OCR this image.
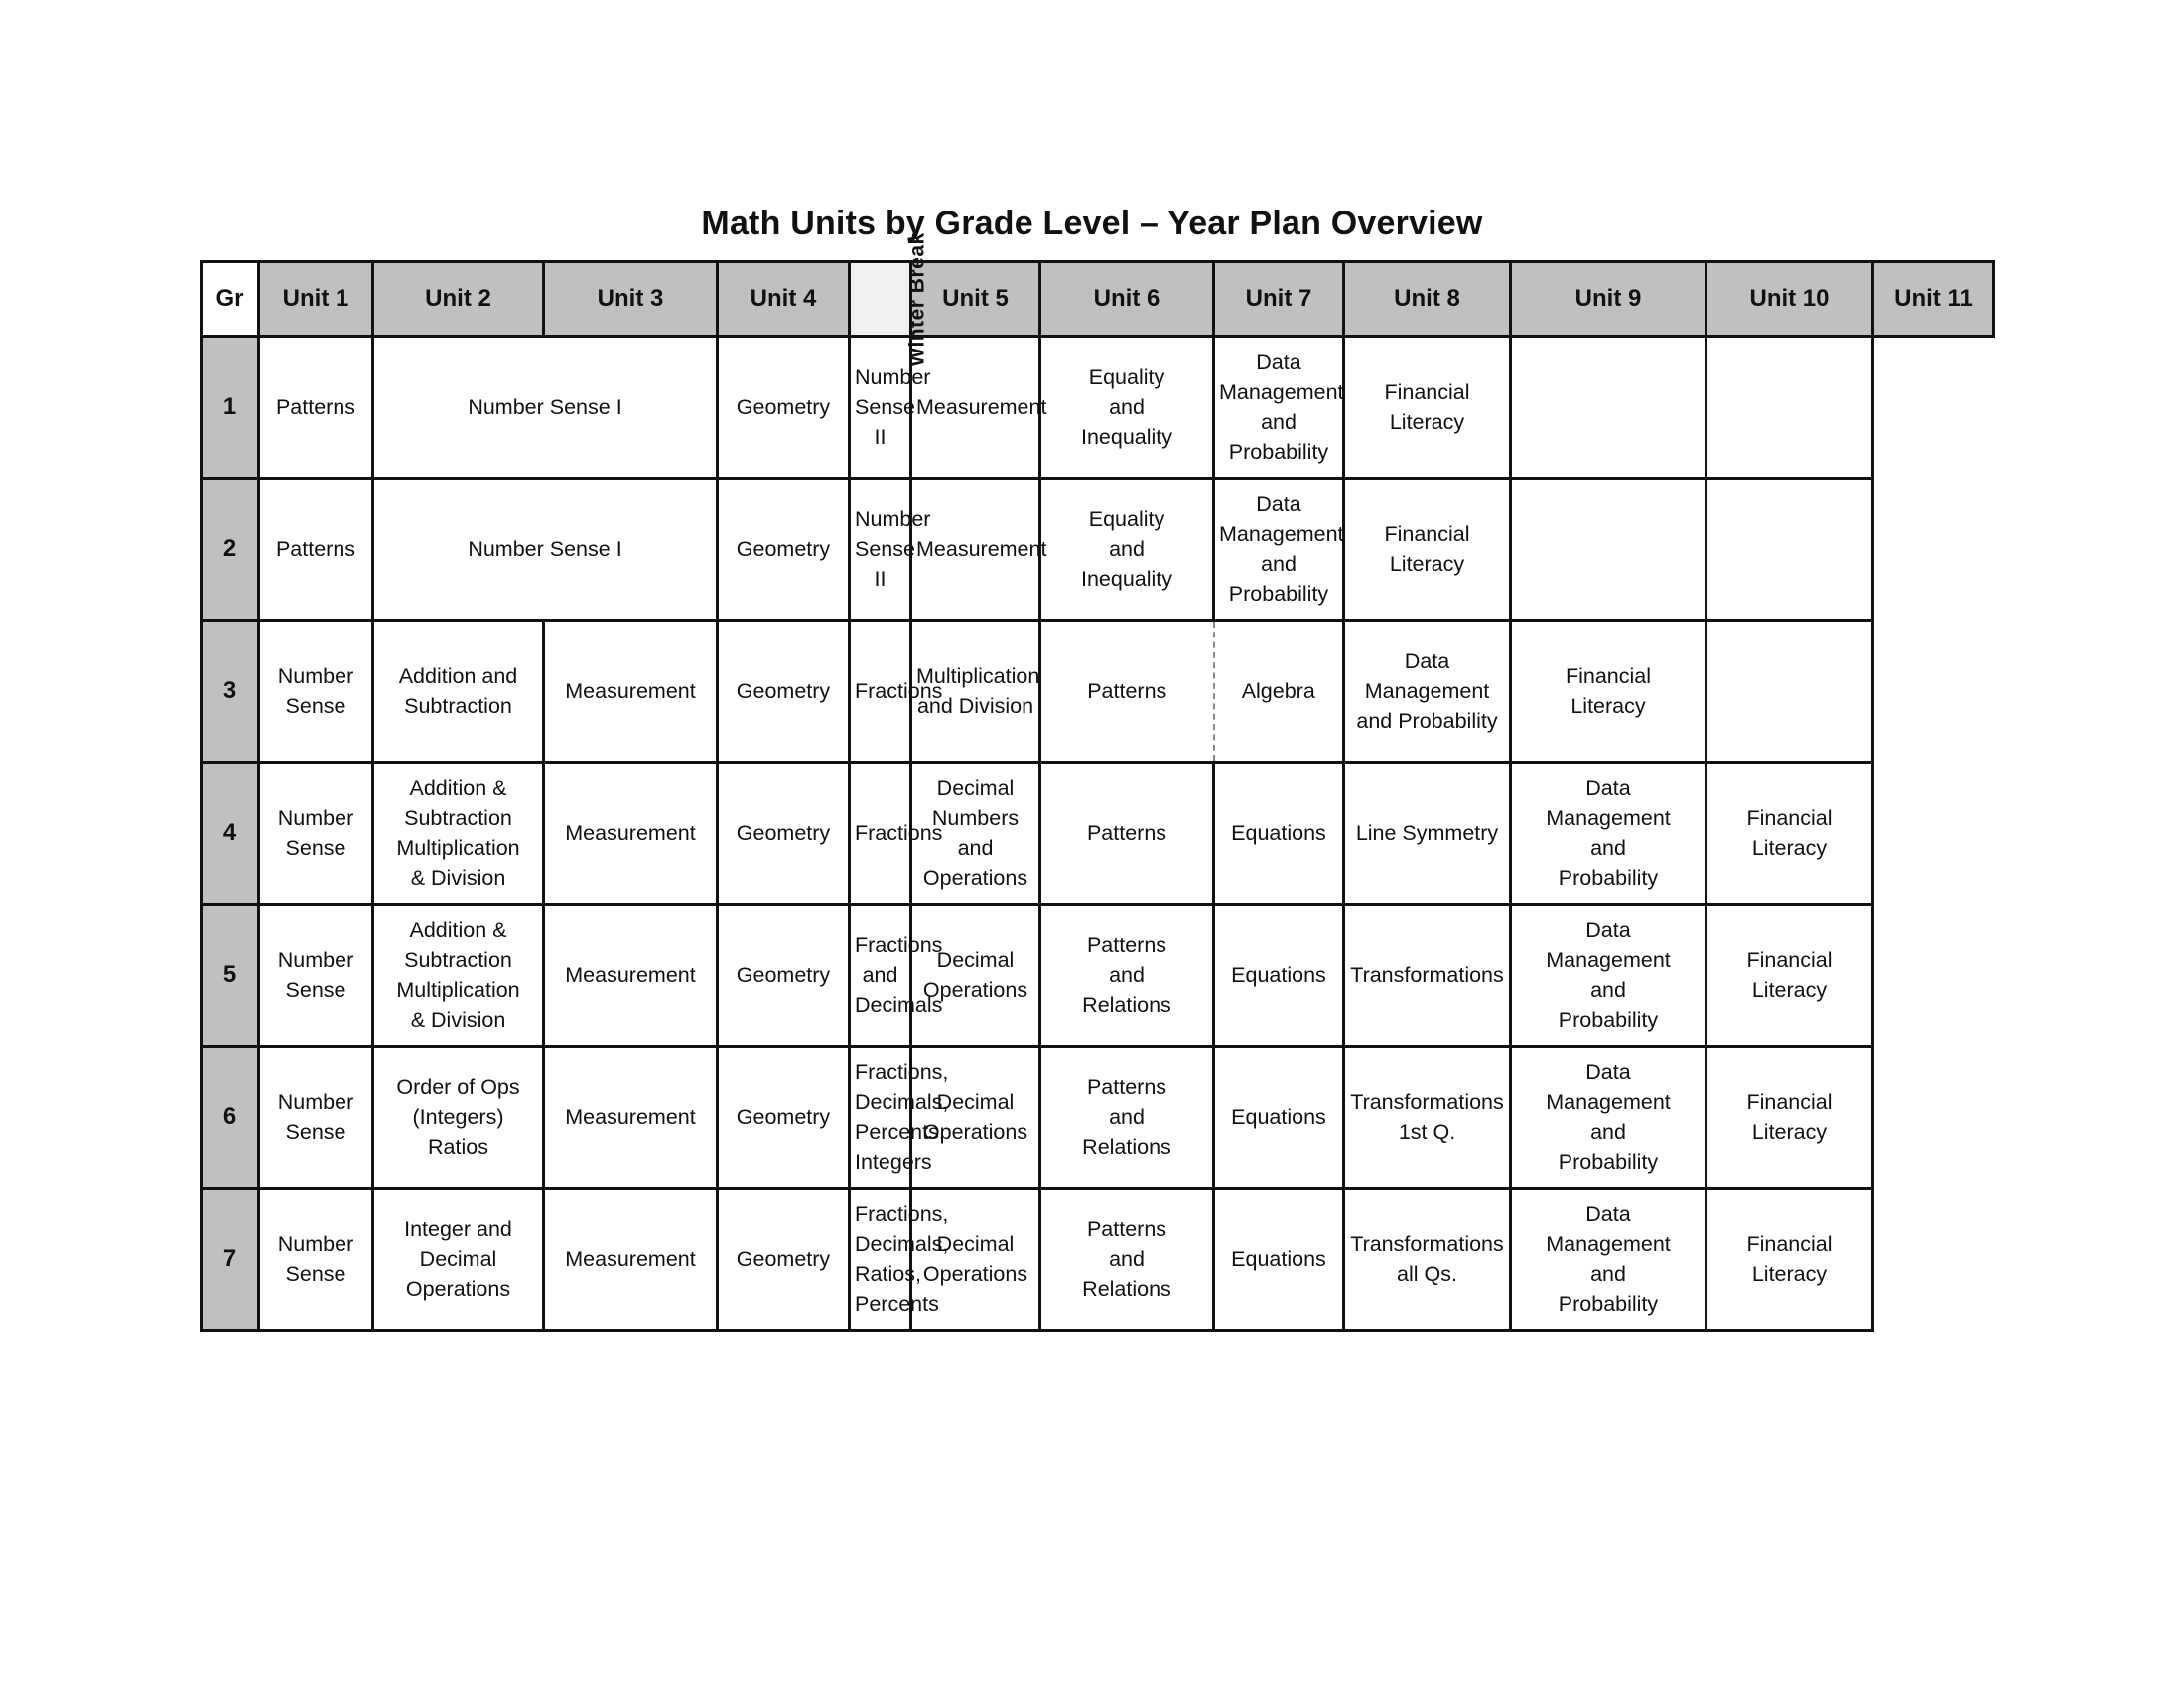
Math Units by Grade Level – Year Plan Overview
Gr	Unit 1	Unit 2	Unit 3	Unit 4	Winter Break	Unit 5	Unit 6	Unit 7	Unit 8	Unit 9	Unit 10	Unit 11
1	Patterns	Number Sense I		Geometry	Number
Sense II	Measurement	Equality
and
Inequality	Data
Management
and
Probability	Financial
Literacy			
2	Patterns	Number Sense I		Geometry	Number
Sense II	Measurement	Equality
and
Inequality	Data
Management
and
Probability	Financial
Literacy			
3	Number
Sense	Addition and
Subtraction	Measurement	Geometry	Fractions	Multiplication
and Division	Patterns	Algebra	Data
Management
and Probability	Financial
Literacy		
4	Number
Sense	Addition &
Subtraction
Multiplication
& Division	Measurement	Geometry	Fractions	Decimal
Numbers and
Operations	Patterns	Equations	Line Symmetry	Data
Management
and
Probability	Financial
Literacy	
5	Number
Sense	Addition &
Subtraction
Multiplication
& Division	Measurement	Geometry	Fractions
and
Decimals	Decimal
Operations	Patterns
and
Relations	Equations	Transformations	Data
Management
and
Probability	Financial
Literacy	
6	Number
Sense	Order of Ops
(Integers)
Ratios	Measurement	Geometry	Fractions,
Decimals,
Percents,
Integers	Decimal
Operations	Patterns
and
Relations	Equations	Transformations
1st Q.	Data
Management
and
Probability	Financial
Literacy	
7	Number
Sense	Integer and
Decimal
Operations	Measurement	Geometry	Fractions,
Decimals,
Ratios,
Percents	Decimal
Operations	Patterns
and
Relations	Equations	Transformations
all Qs.	Data
Management
and
Probability	Financial
Literacy	
